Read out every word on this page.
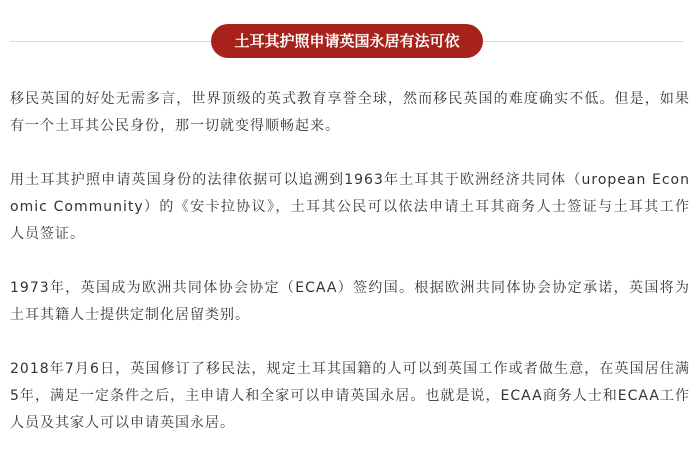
土耳其护照申请英国永居有法可依

移民英国的好处无需多言，世界顶级的英式教育享誉全球，然而移民英国的难度确实不低。但是，如果有一个土耳其公民身份，那一切就变得顺畅起来。

用土耳其护照申请英国身份的法律依据可以追溯到1963年土耳其于欧洲经济共同体（uropean Economic Community）的《安卡拉协议》，土耳其公民可以依法申请土耳其商务人士签证与土耳其工作人员签证。

1973年，英国成为欧洲共同体协会协定（ECAA）签约国。根据欧洲共同体协会协定承诺，英国将为土耳其籍人士提供定制化居留类别。

2018年7月6日，英国修订了移民法，规定土耳其国籍的人可以到英国工作或者做生意，在英国居住满5年，满足一定条件之后，主申请人和全家可以申请英国永居。也就是说，ECAA商务人士和ECAA工作人员及其家人可以申请英国永居。
